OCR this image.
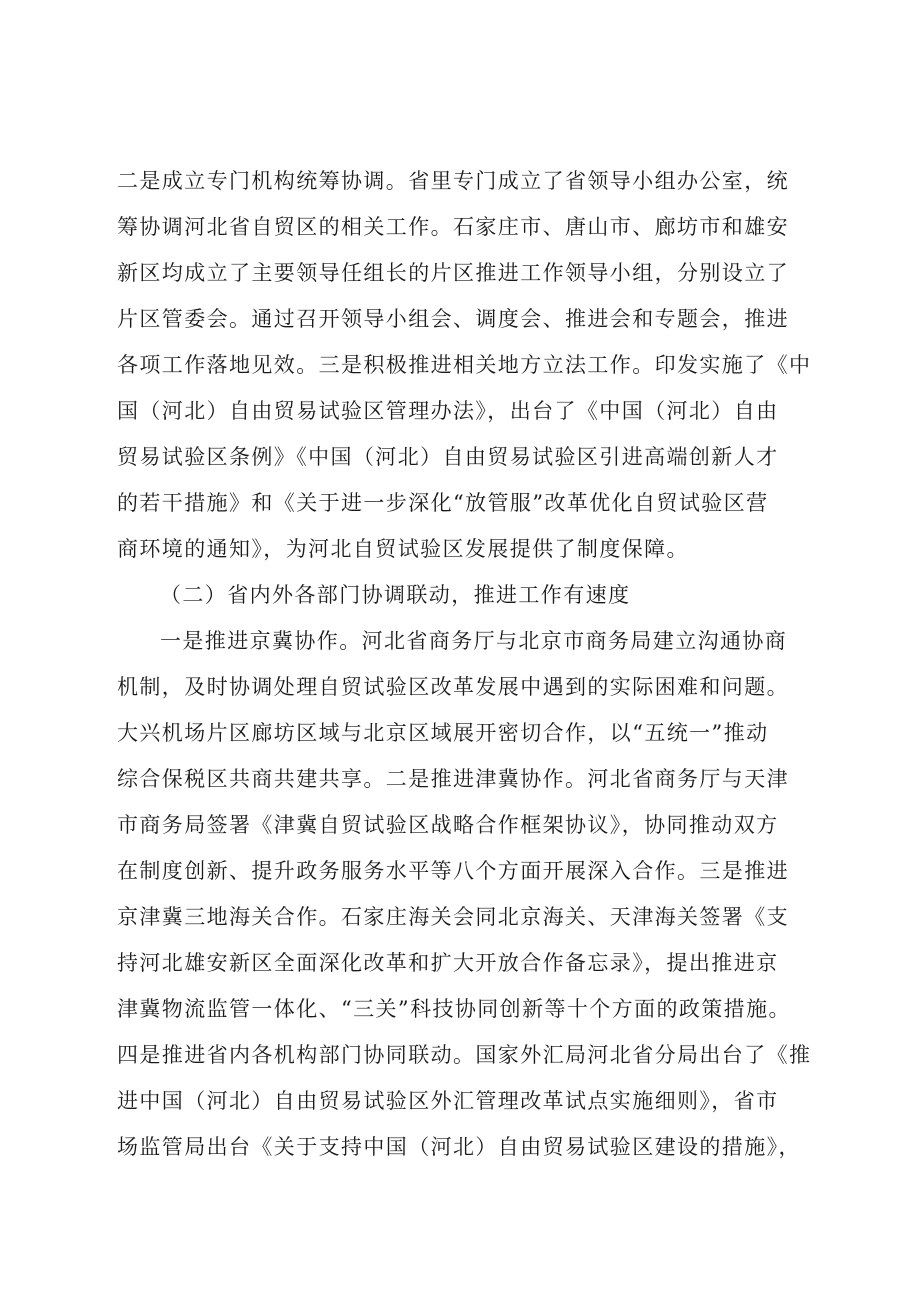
二是成立专门机构统筹协调。省里专门成立了省领导小组办公室，统
筹协调河北省自贸区的相关工作。石家庄市、唐山市、廊坊市和雄安
新区均成立了主要领导任组长的片区推进工作领导小组，分别设立了
片区管委会。通过召开领导小组会、调度会、推进会和专题会，推进
各项工作落地见效。三是积极推进相关地方立法工作。印发实施了《中
国（河北）自由贸易试验区管理办法》，出台了《中国（河北）自由
贸易试验区条例》《中国（河北）自由贸易试验区引进高端创新人才
的若干措施》和《关于进一步深化“放管服”改革优化自贸试验区营
商环境的通知》，为河北自贸试验区发展提供了制度保障。
（二）省内外各部门协调联动，推进工作有速度
一是推进京冀协作。河北省商务厅与北京市商务局建立沟通协商
机制，及时协调处理自贸试验区改革发展中遇到的实际困难和问题。
大兴机场片区廊坊区域与北京区域展开密切合作，以“五统一”推动
综合保税区共商共建共享。二是推进津冀协作。河北省商务厅与天津
市商务局签署《津冀自贸试验区战略合作框架协议》，协同推动双方
在制度创新、提升政务服务水平等八个方面开展深入合作。三是推进
京津冀三地海关合作。石家庄海关会同北京海关、天津海关签署《支
持河北雄安新区全面深化改革和扩大开放合作备忘录》，提出推进京
津冀物流监管一体化、“三关”科技协同创新等十个方面的政策措施。
四是推进省内各机构部门协同联动。国家外汇局河北省分局出台了《推
进中国（河北）自由贸易试验区外汇管理改革试点实施细则》，省市
场监管局出台《关于支持中国（河北）自由贸易试验区建设的措施》，
